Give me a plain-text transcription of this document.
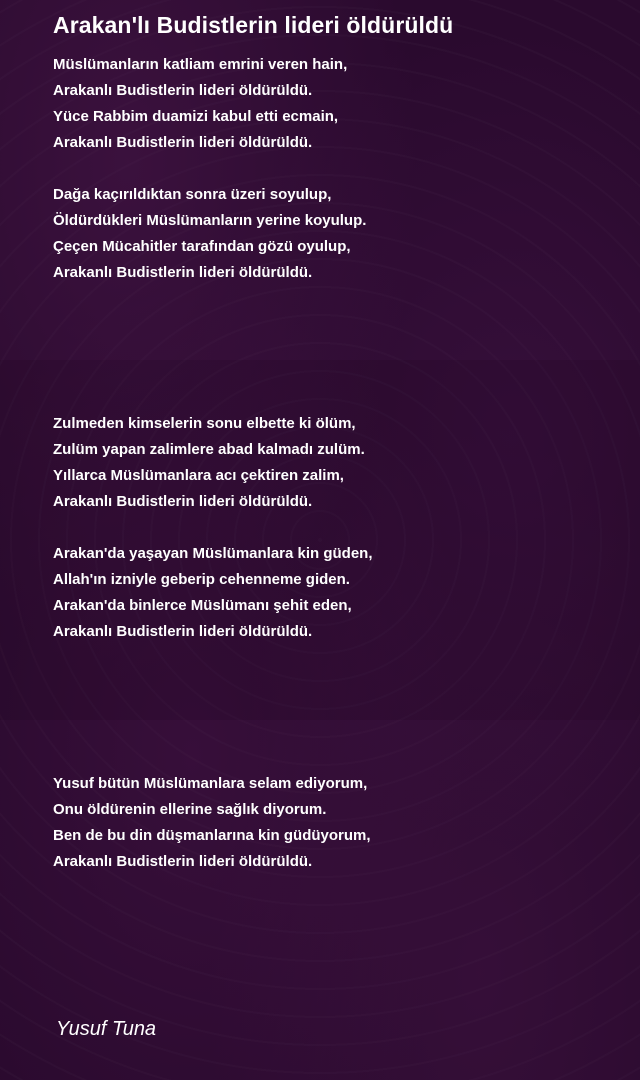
Arakan'lı Budistlerin lideri öldürüldü
Müslümanların katliam emrini veren hain,
Arakanlı Budistlerin lideri öldürüldü.
Yüce Rabbim duamizi kabul etti ecmain,
Arakanlı Budistlerin lideri öldürüldü.
Dağa kaçırıldıktan sonra üzeri soyulup,
Öldürdükleri Müslümanların yerine koyulup.
Çeçen Mücahitler tarafından gözü oyulup,
Arakanlı Budistlerin lideri öldürüldü.
Zulmeden kimselerin sonu elbette ki ölüm,
Zulüm yapan zalimlere abad kalmadı zulüm.
Yıllarca Müslümanlara acı çektiren zalim,
Arakanlı Budistlerin lideri öldürüldü.
Arakan'da yaşayan Müslümanlara kin güden,
Allah'ın izniyle geberip cehenneme giden.
Arakan'da binlerce Müslümanı şehit eden,
Arakanlı Budistlerin lideri öldürüldü.
Yusuf bütün Müslümanlara selam ediyorum,
Onu öldürenin ellerine sağlık diyorum.
Ben de bu din düşmanlarına kin güdüyorum,
Arakanlı Budistlerin lideri öldürüldü.
Yusuf Tuna
